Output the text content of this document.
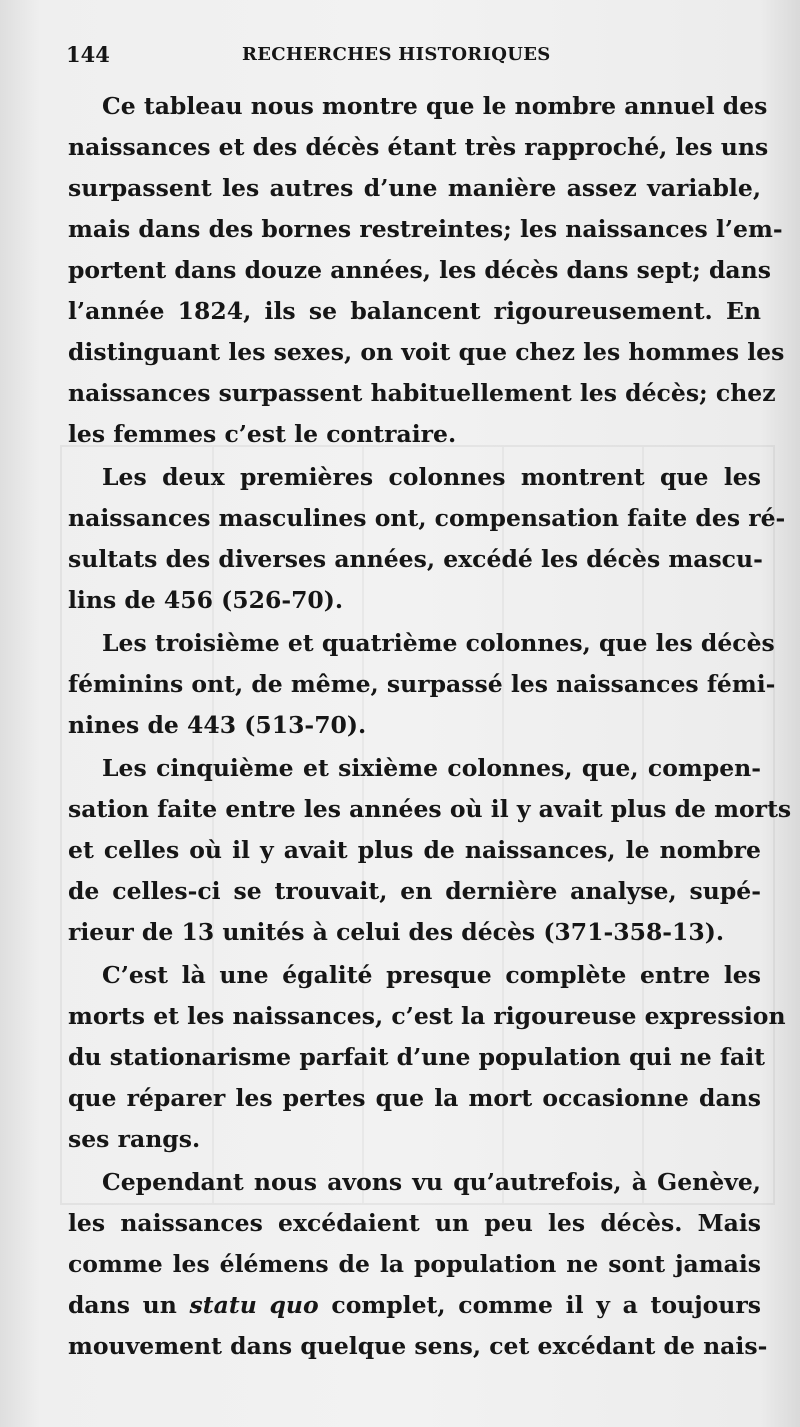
144	RECHERCHES HISTORIQUES

Ce tableau nous montre que le nombre annuel des
naissances et des décès étant très rapproché, les uns
surpassent les autres d’une manière assez variable,
mais dans des bornes restreintes; les naissances l’em-
portent dans douze années, les décès dans sept; dans
l’année 1824, ils se balancent rigoureusement. En
distinguant les sexes, on voit que chez les hommes les
naissances surpassent habituellement les décès; chez
les femmes c’est le contraire.

Les deux premières colonnes montrent que les
naissances masculines ont, compensation faite des ré-
sultats des diverses années, excédé les décès mascu-
lins de 456 (526-70).

Les troisième et quatrième colonnes, que les décès
féminins ont, de même, surpassé les naissances fémi-
nines de 443 (513-70).

Les cinquième et sixième colonnes, que, compen-
sation faite entre les années où il y avait plus de morts
et celles où il y avait plus de naissances, le nombre
de celles-ci se trouvait, en dernière analyse, supé-
rieur de 13 unités à celui des décès (371-358-13).

C’est là une égalité presque complète entre les
morts et les naissances, c’est la rigoureuse expression
du stationarisme parfait d’une population qui ne fait
que réparer les pertes que la mort occasionne dans
ses rangs.

Cependant nous avons vu qu’autrefois, à Genève,
les naissances excédaient un peu les décès. Mais
comme les élémens de la population ne sont jamais
dans un statu quo complet, comme il y a toujours
mouvement dans quelque sens, cet excédant de nais-
